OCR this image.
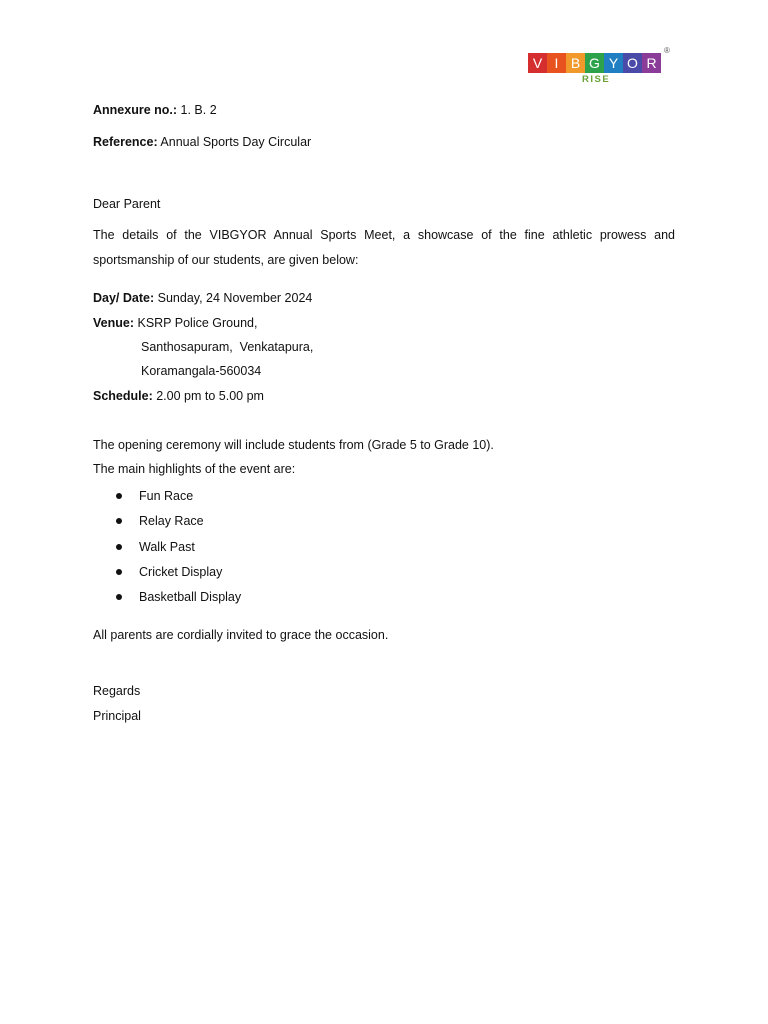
V I B G Y O R
RISE
®
Annexure no.: 1. B. 2
Reference: Annual Sports Day Circular
Dear Parent
The details of the VIBGYOR Annual Sports Meet, a showcase of the fine athletic prowess and sportsmanship of our students, are given below:
Day/ Date: Sunday, 24 November 2024
Venue: KSRP Police Ground,
Santhosapuram,  Venkatapura,
Koramangala-560034
Schedule: 2.00 pm to 5.00 pm
The opening ceremony will include students from (Grade 5 to Grade 10).
The main highlights of the event are:
Fun Race
Relay Race
Walk Past
Cricket Display
Basketball Display
All parents are cordially invited to grace the occasion.
Regards
Principal
